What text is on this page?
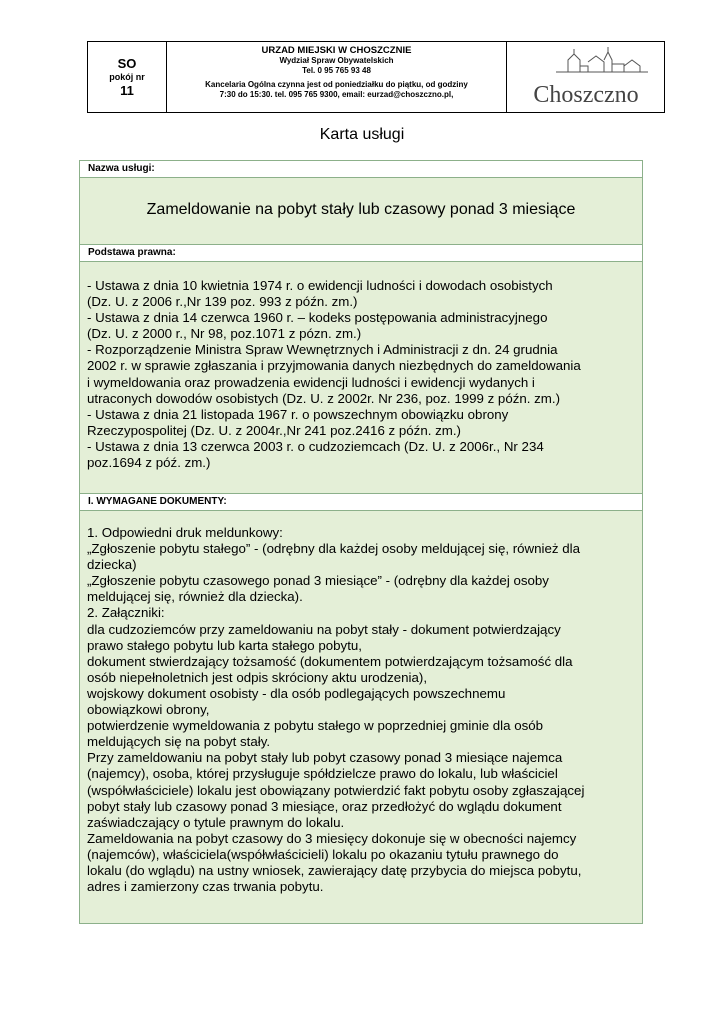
SO
pokój nr
11
URZAD MIEJSKI W CHOSZCZNIE
Wydział Spraw Obywatelskich
Tel. 0 95 765 93 48
Kancelaria Ogólna czynna jest od poniedziałku do piątku, od godziny
7:30 do 15:30. tel. 095 765 9300, email: eurzad@choszczno.pl,	Choszczno
Karta usługi
Nazwa usługi:
Zameldowanie na pobyt stały lub czasowy ponad 3 miesiące
Podstawa prawna:
- Ustawa z dnia 10 kwietnia 1974 r. o ewidencji ludności i dowodach osobistych
(Dz. U. z 2006 r.,Nr 139 poz. 993 z późn. zm.)
- Ustawa z dnia 14 czerwca 1960 r. – kodeks postępowania administracyjnego
(Dz. U. z 2000 r., Nr 98, poz.1071 z pózn. zm.)
- Rozporządzenie Ministra Spraw Wewnętrznych i Administracji z dn. 24 grudnia
2002 r. w sprawie zgłaszania i przyjmowania danych niezbędnych do zameldowania
i wymeldowania oraz prowadzenia ewidencji ludności i ewidencji wydanych i
utraconych dowodów osobistych (Dz. U. z 2002r. Nr 236, poz. 1999 z późn. zm.)
- Ustawa z dnia 21 listopada 1967 r. o powszechnym obowiązku obrony
Rzeczypospolitej (Dz. U. z 2004r.,Nr 241 poz.2416 z późn. zm.)
- Ustawa z dnia 13 czerwca 2003 r. o cudzoziemcach (Dz. U. z 2006r., Nr 234
poz.1694 z póź. zm.)
I. WYMAGANE DOKUMENTY:
1. Odpowiedni druk meldunkowy:
„Zgłoszenie pobytu stałego” - (odrębny dla każdej osoby meldującej się, również dla
dziecka)
„Zgłoszenie pobytu czasowego ponad 3 miesiące” - (odrębny dla każdej osoby
meldującej się, również dla dziecka).
2. Załączniki:
dla cudzoziemców przy zameldowaniu na pobyt stały - dokument potwierdzający
prawo stałego pobytu lub karta stałego pobytu,
dokument stwierdzający tożsamość (dokumentem potwierdzającym tożsamość dla
osób niepełnoletnich jest odpis skróciony aktu urodzenia),
wojskowy dokument osobisty - dla osób podlegających powszechnemu
obowiązkowi obrony,
potwierdzenie wymeldowania z pobytu stałego w poprzedniej gminie dla osób
meldujących się na pobyt stały.
Przy zameldowaniu na pobyt stały lub pobyt czasowy ponad 3 miesiące najemca
(najemcy), osoba, której przysługuje spółdzielcze prawo do lokalu, lub właściciel
(współwłaściciele) lokalu jest obowiązany potwierdzić fakt pobytu osoby zgłaszającej
pobyt stały lub czasowy ponad 3 miesiące, oraz przedłożyć do wglądu dokument
zaświadczający o tytule prawnym do lokalu.
Zameldowania na pobyt czasowy do 3 miesięcy dokonuje się w obecności najemcy
(najemców), właściciela(współwłaścicieli) lokalu po okazaniu tytułu prawnego do
lokalu (do wglądu) na ustny wniosek, zawierający datę przybycia do miejsca pobytu,
adres i zamierzony czas trwania pobytu.
